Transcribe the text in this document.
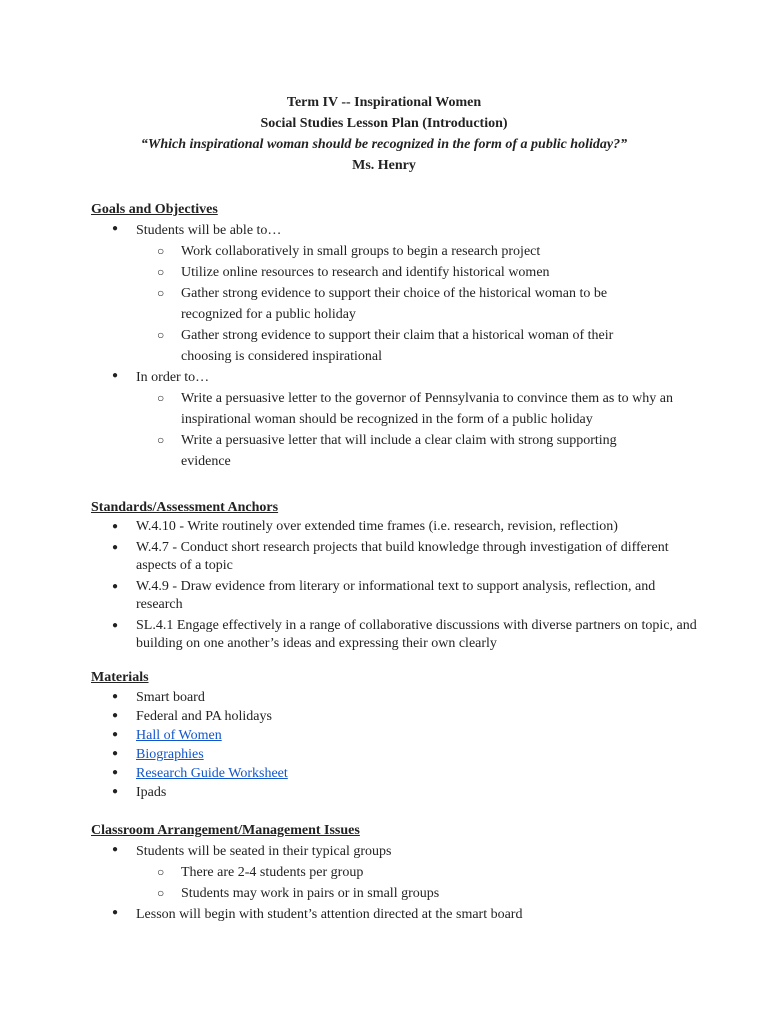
Term IV -- Inspirational Women
Social Studies Lesson Plan (Introduction)
“Which inspirational woman should be recognized in the form of a public holiday?”
Ms. Henry

Goals and Objectives

● Students will be able to…
○ Work collaboratively in small groups to begin a research project
○ Utilize online resources to research and identify historical women
○ Gather strong evidence to support their choice of the historical woman to be recognized for a public holiday
○ Gather strong evidence to support their claim that a historical woman of their choosing is considered inspirational
● In order to…
○ Write a persuasive letter to the governor of Pennsylvania to convince them as to why an inspirational woman should be recognized in the form of a public holiday
○ Write a persuasive letter that will include a clear claim with strong supporting evidence

Standards/Assessment Anchors

● W.4.10 - Write routinely over extended time frames (i.e. research, revision, reflection)
● W.4.7 - Conduct short research projects that build knowledge through investigation of different aspects of a topic
● W.4.9 - Draw evidence from literary or informational text to support analysis, reflection, and research
● SL.4.1 Engage effectively in a range of collaborative discussions with diverse partners on topic, and building on one another’s ideas and expressing their own clearly

Materials

● Smart board
● Federal and PA holidays
● Hall of Women
● Biographies
● Research Guide Worksheet
● Ipads

Classroom Arrangement/Management Issues

● Students will be seated in their typical groups
○ There are 2-4 students per group
○ Students may work in pairs or in small groups
● Lesson will begin with student’s attention directed at the smart board
